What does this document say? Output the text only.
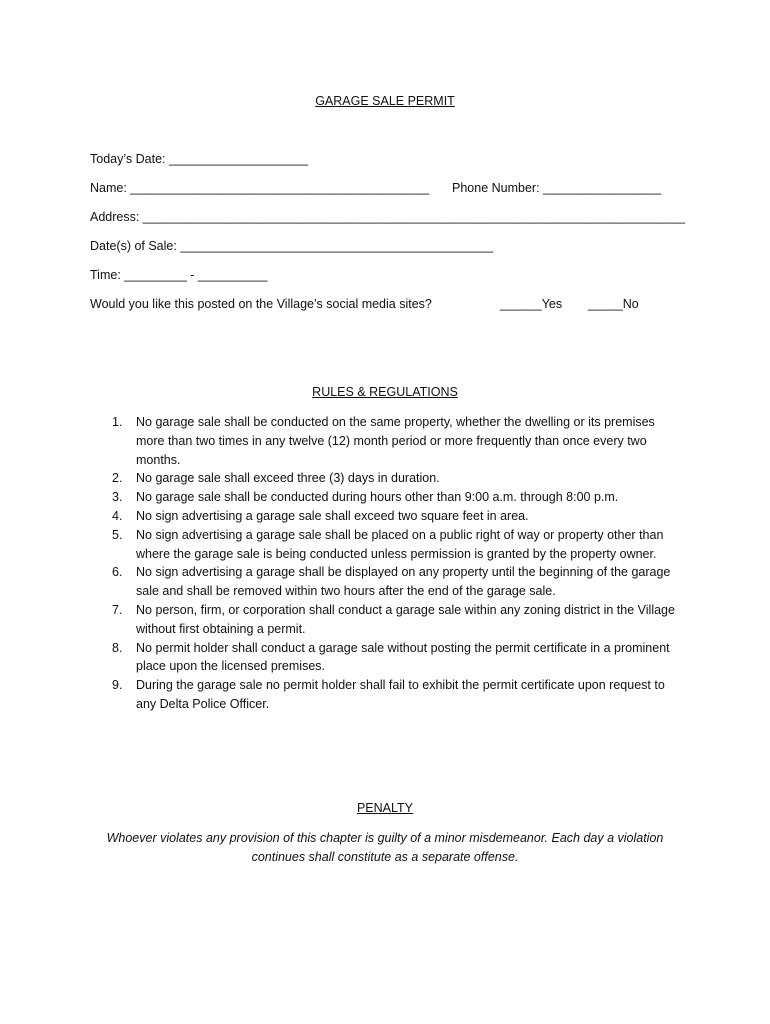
GARAGE SALE PERMIT
Today’s Date: ____________________
Name: ___________________________________________ Phone Number: _________________
Address: ______________________________________________________________________________
Date(s) of Sale: _____________________________________________
Time: _________ - __________
Would you like this posted on the Village’s social media sites?	______Yes _____No
RULES & REGULATIONS
1. No garage sale shall be conducted on the same property, whether the dwelling or its premises more than two times in any twelve (12) month period or more frequently than once every two months.
2. No garage sale shall exceed three (3) days in duration.
3. No garage sale shall be conducted during hours other than 9:00 a.m. through 8:00 p.m.
4. No sign advertising a garage sale shall exceed two square feet in area.
5. No sign advertising a garage sale shall be placed on a public right of way or property other than where the garage sale is being conducted unless permission is granted by the property owner.
6. No sign advertising a garage shall be displayed on any property until the beginning of the garage sale and shall be removed within two hours after the end of the garage sale.
7. No person, firm, or corporation shall conduct a garage sale within any zoning district in the Village without first obtaining a permit.
8. No permit holder shall conduct a garage sale without posting the permit certificate in a prominent place upon the licensed premises.
9. During the garage sale no permit holder shall fail to exhibit the permit certificate upon request to any Delta Police Officer.
PENALTY
Whoever violates any provision of this chapter is guilty of a minor misdemeanor. Each day a violation continues shall constitute as a separate offense.
